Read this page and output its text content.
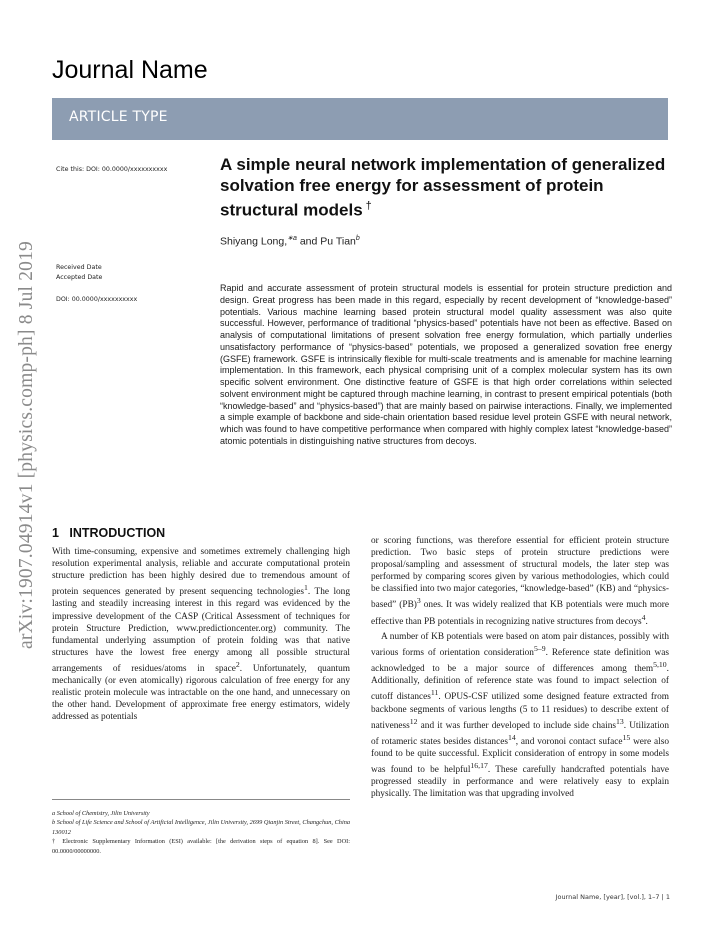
arXiv:1907.04914v1 [physics.comp-ph] 8 Jul 2019
Journal Name
ARTICLE TYPE
Cite this: DOI: 00.0000/xxxxxxxxxx
Received Date
Accepted Date
DOI: 00.0000/xxxxxxxxxx
A simple neural network implementation of generalized solvation free energy for assessment of protein structural models †
Shiyang Long,$^{∗a}$ and Pu Tian$^b$
Rapid and accurate assessment of protein structural models is essential for protein structure prediction and design. Great progress has been made in this regard, especially by recent development of “knowledge-based” potentials. Various machine learning based protein structural model quality assessment was also quite successful. However, performance of traditional “physics-based” potentials have not been as effective. Based on analysis of computational limitations of present solvation free energy formulation, which partially underlies unsatisfactory performance of “physics-based” potentials, we proposed a generalized sovation free energy (GSFE) framework. GSFE is intrinsically flexible for multi-scale treatments and is amenable for machine learning implementation. In this framework, each physical comprising unit of a complex molecular system has its own specific solvent environment. One distinctive feature of GSFE is that high order correlations within selected solvent environment might be captured through machine learning, in contrast to present empirical potentials (both “knowledge-based” and “physics-based”) that are mainly based on pairwise interactions. Finally, we implemented a simple example of backbone and side-chain orientation based residue level protein GSFE with neural network, which was found to have competitive performance when compared with highly complex latest “knowledge-based” atomic potentials in distinguishing native structures from decoys.
1 INTRODUCTION

With time-consuming, expensive and sometimes extremely challenging high resolution experimental analysis, reliable and accurate computational protein structure prediction has been highly desired due to tremendous amount of protein sequences generated by present sequencing technologies$^1$. The long lasting and steadily increasing interest in this regard was evidenced by the impressive development of the CASP (Critical Assessment of techniques for protein Structure Prediction, www.predictioncenter.org) community. The fundamental underlying assumption of protein folding was that native structures have the lowest free energy among all possible structural arrangements of residues/atoms in space$^2$. Unfortunately, quantum mechanically (or even atomically) rigorous calculation of free energy for any realistic protein molecule was intractable on the one hand, and unnecessary on the other hand. Development of approximate free energy estimators, widely addressed as potentials

or scoring functions, was therefore essential for efficient protein structure prediction. Two basic steps of protein structure predictions were proposal/sampling and assessment of structural models, the later step was performed by comparing scores given by various methodologies, which could be classified into two major categories, “knowledge-based” (KB) and “physics-based” (PB)$^3$ ones. It was widely realized that KB potentials were much more effective than PB potentials in recognizing native structures from decoys$^4$.

A number of KB potentials were based on atom pair distances, possibly with various forms of orientation consideration$^{5-9}$. Reference state definition was acknowledged to be a major source of differences among them$^{5,10}$. Additionally, definition of reference state was found to impact selection of cutoff distances$^{11}$. OPUS-CSF utilized some designed feature extracted from backbone segments of various lengths (5 to 11 residues) to describe extent of nativeness$^{12}$ and it was further developed to include side chains$^{13}$. Utilization of rotameric states besides distances$^{14}$, and voronoi contact suface$^{15}$ were also found to be quite successful. Explicit consideration of entropy in some models was found to be helpful$^{16,17}$. These carefully handcrafted potentials have progressed steadily in performance and were relatively easy to explain physically. The limitation was that upgrading involved

a School of Chemistry, Jilin University

b School of Life Science and School of Artificial Intelligence, Jilin University, 2699 Qianjin Street, Changchun, China 130012

† Electronic Supplementary Information (ESI) available: [the derivation steps of equation 8]. See DOI: 00.0000/00000000.

Journal Name, [year], [vol.], 1–7 | 1
